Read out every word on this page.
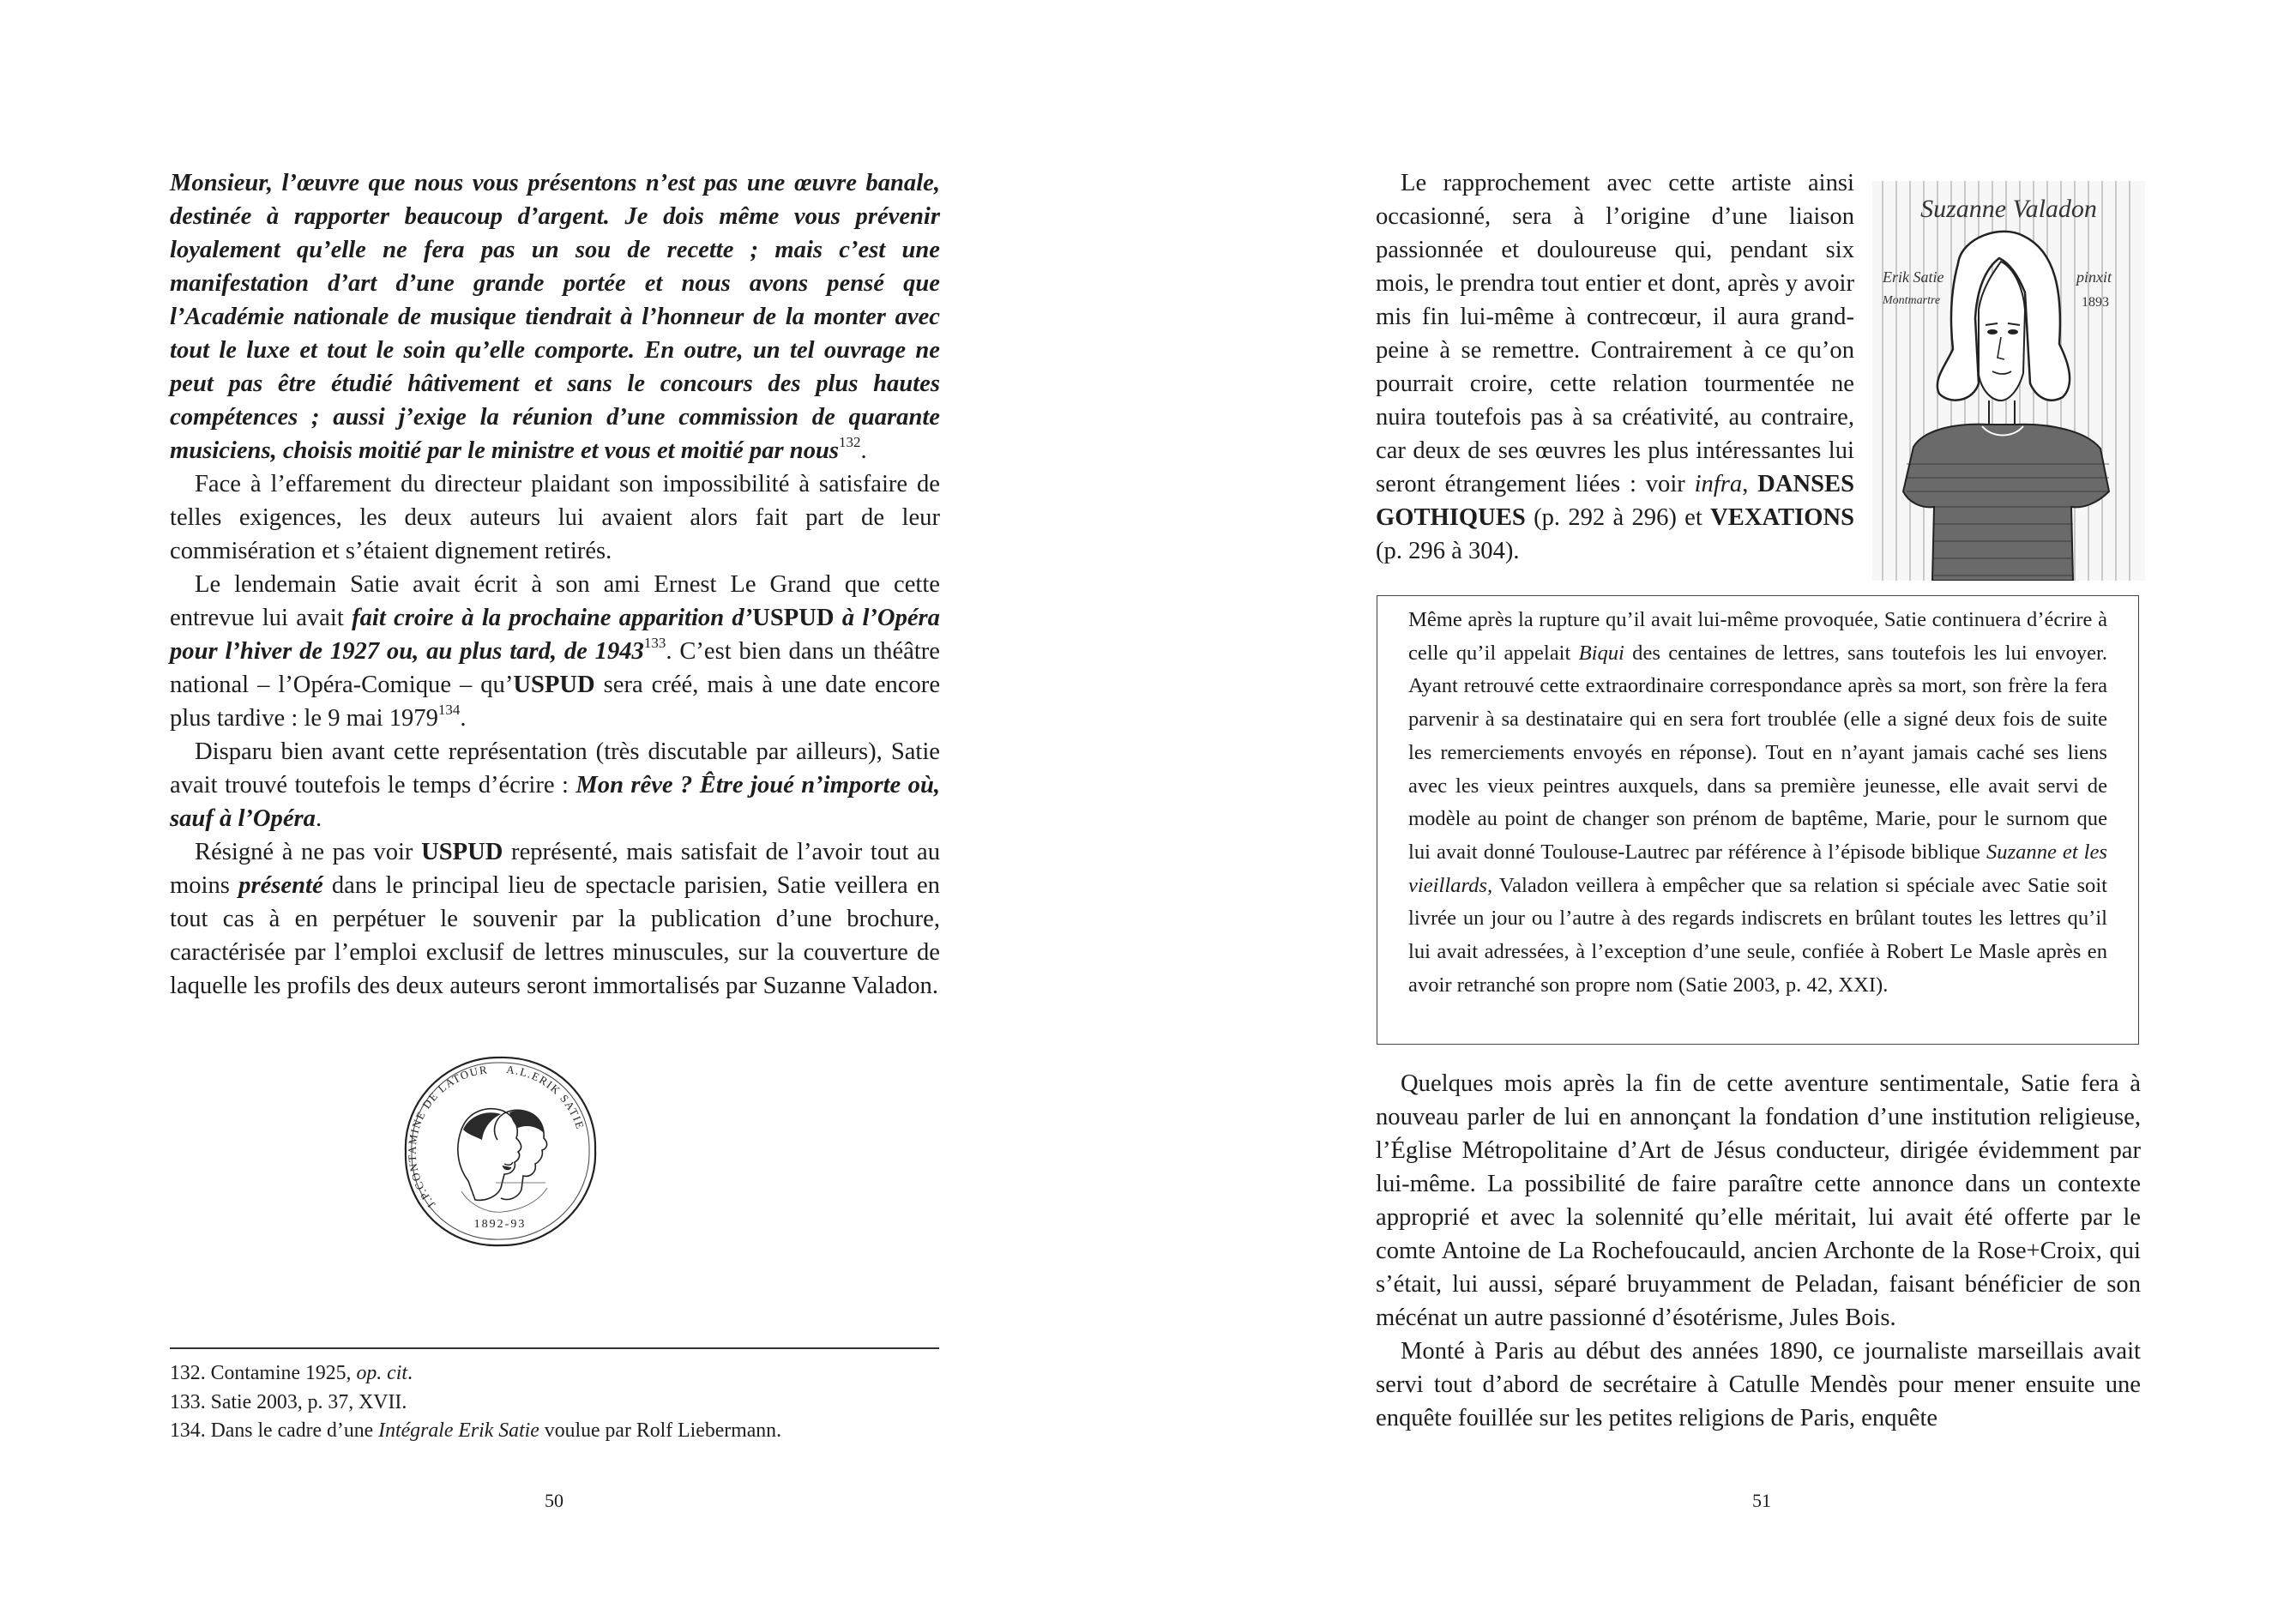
Monsieur, l’œuvre que nous vous présentons n’est pas une œuvre banale, destinée à rapporter beaucoup d’argent. Je dois même vous prévenir loyalement qu’elle ne fera pas un sou de recette ; mais c’est une manifestation d’art d’une grande portée et nous avons pensé que l’Académie nationale de musique tiendrait à l’honneur de la monter avec tout le luxe et tout le soin qu’elle comporte. En outre, un tel ouvrage ne peut pas être étudié hâtivement et sans le concours des plus hautes compétences ; aussi j’exige la réunion d’une commission de quarante musiciens, choisis moitié par le ministre et vous et moitié par nous$^{132}$.

Face à l’effarement du directeur plaidant son impossibilité à satisfaire de telles exigences, les deux auteurs lui avaient alors fait part de leur commisération et s’étaient dignement retirés.

Le lendemain Satie avait écrit à son ami Ernest Le Grand que cette entrevue lui avait fait croire à la prochaine apparition d’USPUD à l’Opéra pour l’hiver de 1927 ou, au plus tard, de 1943$^{133}$. C’est bien dans un théâtre national – l’Opéra-Comique – qu’USPUD sera créé, mais à une date encore plus tardive : le 9 mai 1979$^{134}$.

Disparu bien avant cette représentation (très discutable par ailleurs), Satie avait trouvé toutefois le temps d’écrire : Mon rêve ? Être joué n’importe où, sauf à l’Opéra.

Résigné à ne pas voir USPUD représenté, mais satisfait de l’avoir tout au moins présenté dans le principal lieu de spectacle parisien, Satie veillera en tout cas à en perpétuer le souvenir par la publication d’une brochure, caractérisée par l’emploi exclusif de lettres minuscules, sur la couverture de laquelle les profils des deux auteurs seront immortalisés par Suzanne Valadon.

J.P.CONTAMINE DE LATOUR A.L.ERIK SATIE
1892-93
132. Contamine 1925, op. cit.
133. Satie 2003, p. 37, XVII.
134. Dans le cadre d’une Intégrale Erik Satie voulue par Rolf Liebermann.
50

Le rapprochement avec cette artiste ainsi occasionné, sera à l’origine d’une liaison passionnée et douloureuse qui, pendant six mois, le prendra tout entier et dont, après y avoir mis fin lui-même à contrecœur, il aura grand-peine à se remettre. Contrairement à ce qu’on pourrait croire, cette relation tourmentée ne nuira toutefois pas à sa créativité, au contraire, car deux de ses œuvres les plus intéressantes lui seront étrangement liées : voir infra, DANSES GOTHIQUES (p. 292 à 296) et VEXATIONS (p. 296 à 304).

Suzanne Valadon
Erik Satie
Montmartre
pinxit
1893

Même après la rupture qu’il avait lui-même provoquée, Satie continuera d’écrire à celle qu’il appelait Biqui des centaines de lettres, sans toutefois les lui envoyer. Ayant retrouvé cette extraordinaire correspondance après sa mort, son frère la fera parvenir à sa destinataire qui en sera fort troublée (elle a signé deux fois de suite les remerciements envoyés en réponse). Tout en n’ayant jamais caché ses liens avec les vieux peintres auxquels, dans sa première jeunesse, elle avait servi de modèle au point de changer son prénom de baptême, Marie, pour le surnom que lui avait donné Toulouse-Lautrec par référence à l’épisode biblique Suzanne et les vieillards, Valadon veillera à empêcher que sa relation si spéciale avec Satie soit livrée un jour ou l’autre à des regards indiscrets en brûlant toutes les lettres qu’il lui avait adressées, à l’exception d’une seule, confiée à Robert Le Masle après en avoir retranché son propre nom (Satie 2003, p. 42, XXI).

Quelques mois après la fin de cette aventure sentimentale, Satie fera à nouveau parler de lui en annonçant la fondation d’une institution religieuse, l’Église Métropolitaine d’Art de Jésus conducteur, dirigée évidemment par lui-même. La possibilité de faire paraître cette annonce dans un contexte approprié et avec la solennité qu’elle méritait, lui avait été offerte par le comte Antoine de La Rochefoucauld, ancien Archonte de la Rose+Croix, qui s’était, lui aussi, séparé bruyamment de Peladan, faisant bénéficier de son mécénat un autre passionné d’ésotérisme, Jules Bois.

Monté à Paris au début des années 1890, ce journaliste marseillais avait servi tout d’abord de secrétaire à Catulle Mendès pour mener ensuite une enquête fouillée sur les petites religions de Paris, enquête

51
